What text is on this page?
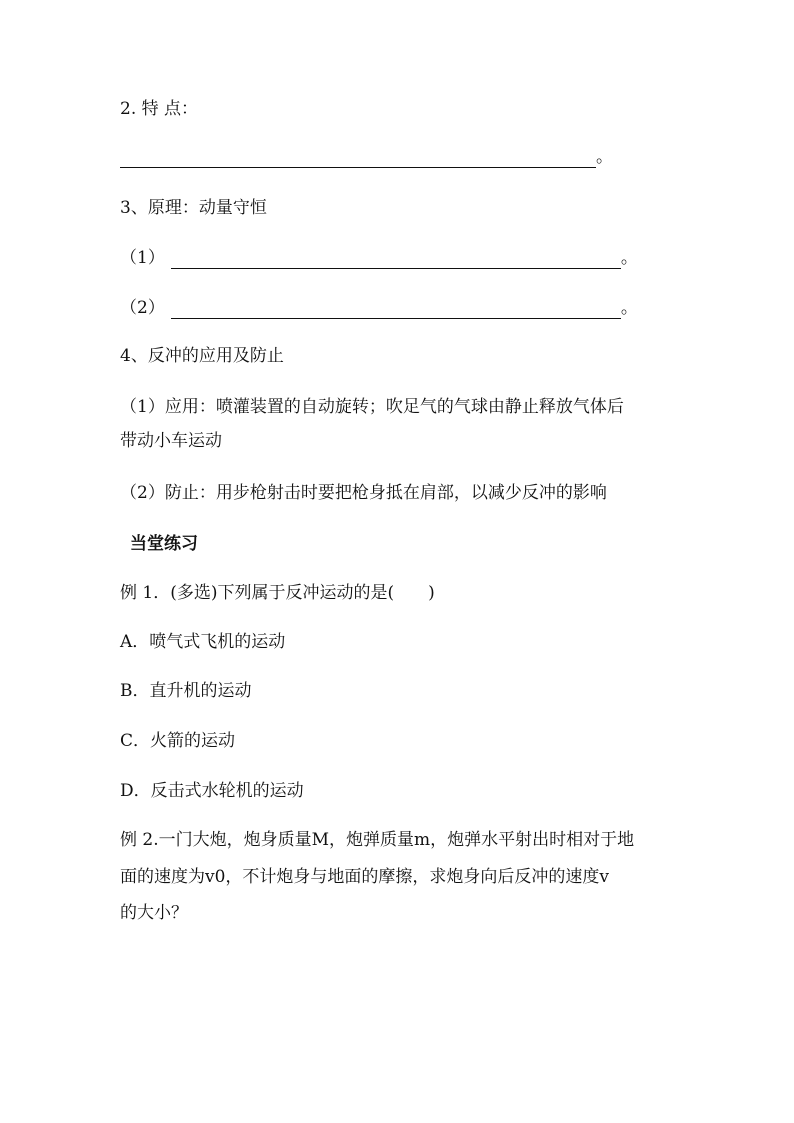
2. 特 点：
。
3、原理：动量守恒
（1）	。
（2）	。
4、反冲的应用及防止
（1）应用：喷灌装置的自动旋转；吹足气的气球由静止释放气体后
带动小车运动
（2）防止：用步枪射击时要把枪身抵在肩部，以减少反冲的影响
当堂练习
例 1．(多选)下列属于反冲运动的是(　　)
A．喷气式飞机的运动
B．直升机的运动
C．火箭的运动
D．反击式水轮机的运动
例 2.一门大炮，炮身质量M，炮弹质量m，炮弹水平射出时相对于地
面的速度为v0，不计炮身与地面的摩擦，求炮身向后反冲的速度v
的大小？
